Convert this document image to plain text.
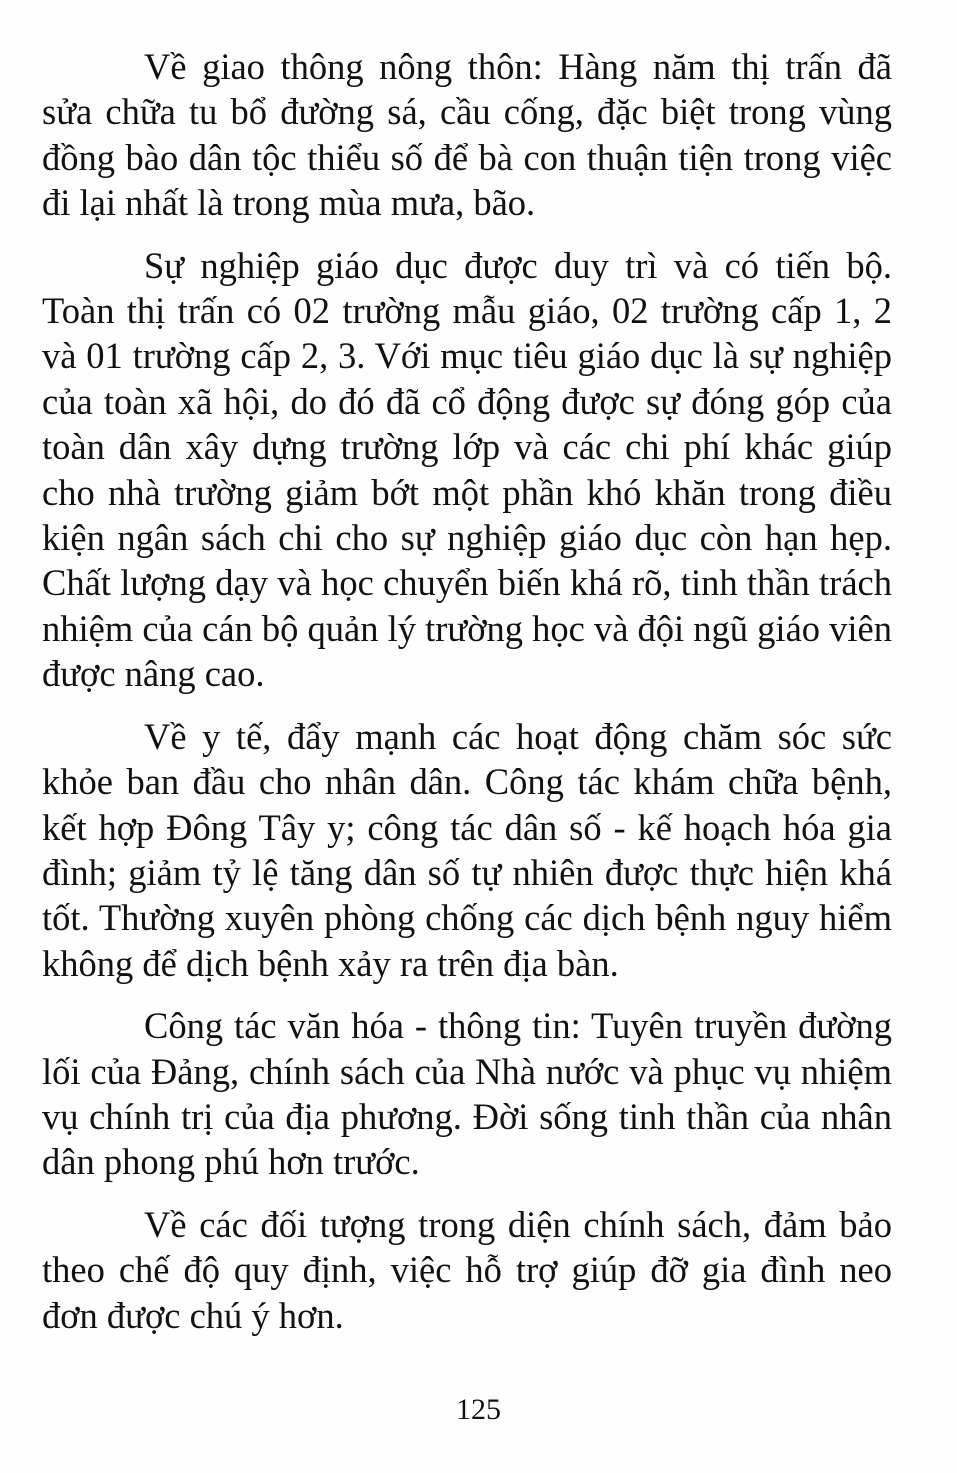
Về giao thông nông thôn: Hàng năm thị trấn đã sửa chữa tu bổ đường sá, cầu cống, đặc biệt trong vùng đồng bào dân tộc thiểu số để bà con thuận tiện trong việc đi lại nhất là trong mùa mưa, bão.

Sự nghiệp giáo dục được duy trì và có tiến bộ. Toàn thị trấn có 02 trường mẫu giáo, 02 trường cấp 1, 2 và 01 trường cấp 2, 3. Với mục tiêu giáo dục là sự nghiệp của toàn xã hội, do đó đã cổ động được sự đóng góp của toàn dân xây dựng trường lớp và các chi phí khác giúp cho nhà trường giảm bớt một phần khó khăn trong điều kiện ngân sách chi cho sự nghiệp giáo dục còn hạn hẹp. Chất lượng dạy và học chuyển biến khá rõ, tinh thần trách nhiệm của cán bộ quản lý trường học và đội ngũ giáo viên được nâng cao.

Về y tế, đẩy mạnh các hoạt động chăm sóc sức khỏe ban đầu cho nhân dân. Công tác khám chữa bệnh, kết hợp Đông Tây y; công tác dân số - kế hoạch hóa gia đình; giảm tỷ lệ tăng dân số tự nhiên được thực hiện khá tốt. Thường xuyên phòng chống các dịch bệnh nguy hiểm không để dịch bệnh xảy ra trên địa bàn.

Công tác văn hóa - thông tin: Tuyên truyền đường lối của Đảng, chính sách của Nhà nước và phục vụ nhiệm vụ chính trị của địa phương. Đời sống tinh thần của nhân dân phong phú hơn trước.

Về các đối tượng trong diện chính sách, đảm bảo theo chế độ quy định, việc hỗ trợ giúp đỡ gia đình neo đơn được chú ý hơn.

125
